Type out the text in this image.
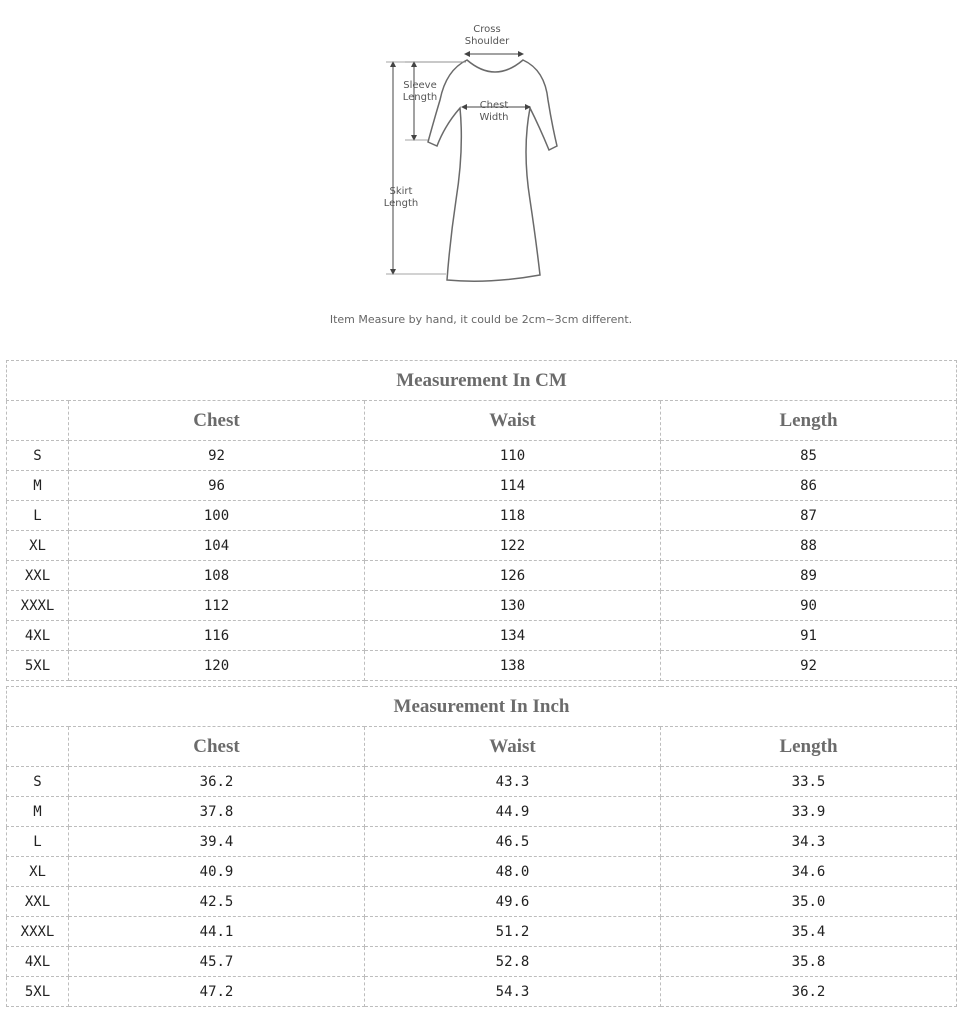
Cross
Shoulder
Sleeve
Length
Chest
Width
Skirt
Length
Item Measure by hand, it could be 2cm~3cm different.
Measurement In CM			
	Chest	Waist	Length
S	92	110	85
M	96	114	86
L	100	118	87
XL	104	122	88
XXL	108	126	89
XXXL	112	130	90
4XL	116	134	91
5XL	120	138	92
Measurement In Inch			
	Chest	Waist	Length
S	36.2	43.3	33.5
M	37.8	44.9	33.9
L	39.4	46.5	34.3
XL	40.9	48.0	34.6
XXL	42.5	49.6	35.0
XXXL	44.1	51.2	35.4
4XL	45.7	52.8	35.8
5XL	47.2	54.3	36.2
